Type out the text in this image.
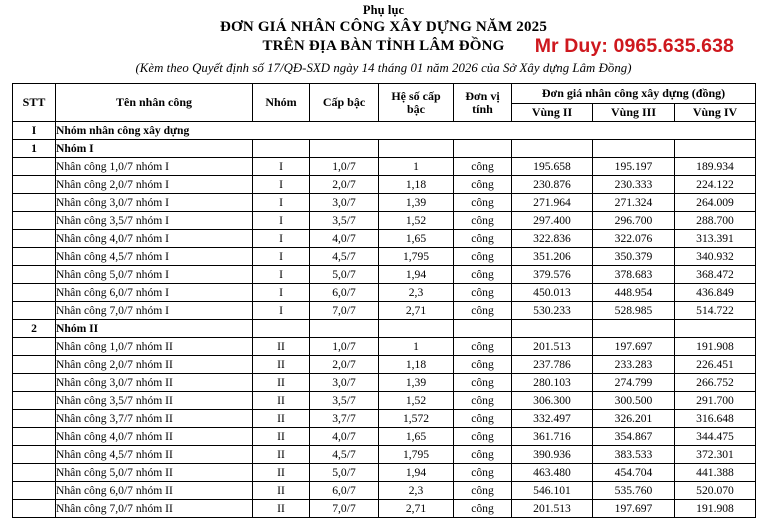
Phụ lục
ĐƠN GIÁ NHÂN CÔNG XÂY DỰNG NĂM 2025
TRÊN ĐỊA BÀN TỈNH LÂM ĐỒNG	Mr Duy: 0965.635.638
(Kèm theo Quyết định số 17/QĐ-SXD ngày 14 tháng 01 năm 2026 của Sở Xây dựng Lâm Đồng)
STT	Tên nhân công	Nhóm	Cấp bậc	Hệ số cấp bậc	Đơn vị tính	Đơn giá nhân công xây dựng (đồng)		
						Vùng II	Vùng III	Vùng IV
I	Nhóm nhân công xây dựng							
1	Nhóm I							
	Nhân công 1,0/7 nhóm I	I	1,0/7	1	công	195.658	195.197	189.934
	Nhân công 2,0/7 nhóm I	I	2,0/7	1,18	công	230.876	230.333	224.122
	Nhân công 3,0/7 nhóm I	I	3,0/7	1,39	công	271.964	271.324	264.009
	Nhân công 3,5/7 nhóm I	I	3,5/7	1,52	công	297.400	296.700	288.700
	Nhân công 4,0/7 nhóm I	I	4,0/7	1,65	công	322.836	322.076	313.391
	Nhân công 4,5/7 nhóm I	I	4,5/7	1,795	công	351.206	350.379	340.932
	Nhân công 5,0/7 nhóm I	I	5,0/7	1,94	công	379.576	378.683	368.472
	Nhân công 6,0/7 nhóm I	I	6,0/7	2,3	công	450.013	448.954	436.849
	Nhân công 7,0/7 nhóm I	I	7,0/7	2,71	công	530.233	528.985	514.722
2	Nhóm II							
	Nhân công 1,0/7 nhóm II	II	1,0/7	1	công	201.513	197.697	191.908
	Nhân công 2,0/7 nhóm II	II	2,0/7	1,18	công	237.786	233.283	226.451
	Nhân công 3,0/7 nhóm II	II	3,0/7	1,39	công	280.103	274.799	266.752
	Nhân công 3,5/7 nhóm II	II	3,5/7	1,52	công	306.300	300.500	291.700
	Nhân công 3,7/7 nhóm II	II	3,7/7	1,572	công	332.497	326.201	316.648
	Nhân công 4,0/7 nhóm II	II	4,0/7	1,65	công	361.716	354.867	344.475
	Nhân công 4,5/7 nhóm II	II	4,5/7	1,795	công	390.936	383.533	372.301
	Nhân công 5,0/7 nhóm II	II	5,0/7	1,94	công	463.480	454.704	441.388
	Nhân công 6,0/7 nhóm II	II	6,0/7	2,3	công	546.101	535.760	520.070
	Nhân công 7,0/7 nhóm II	II	7,0/7	2,71	công	201.513	197.697	191.908
